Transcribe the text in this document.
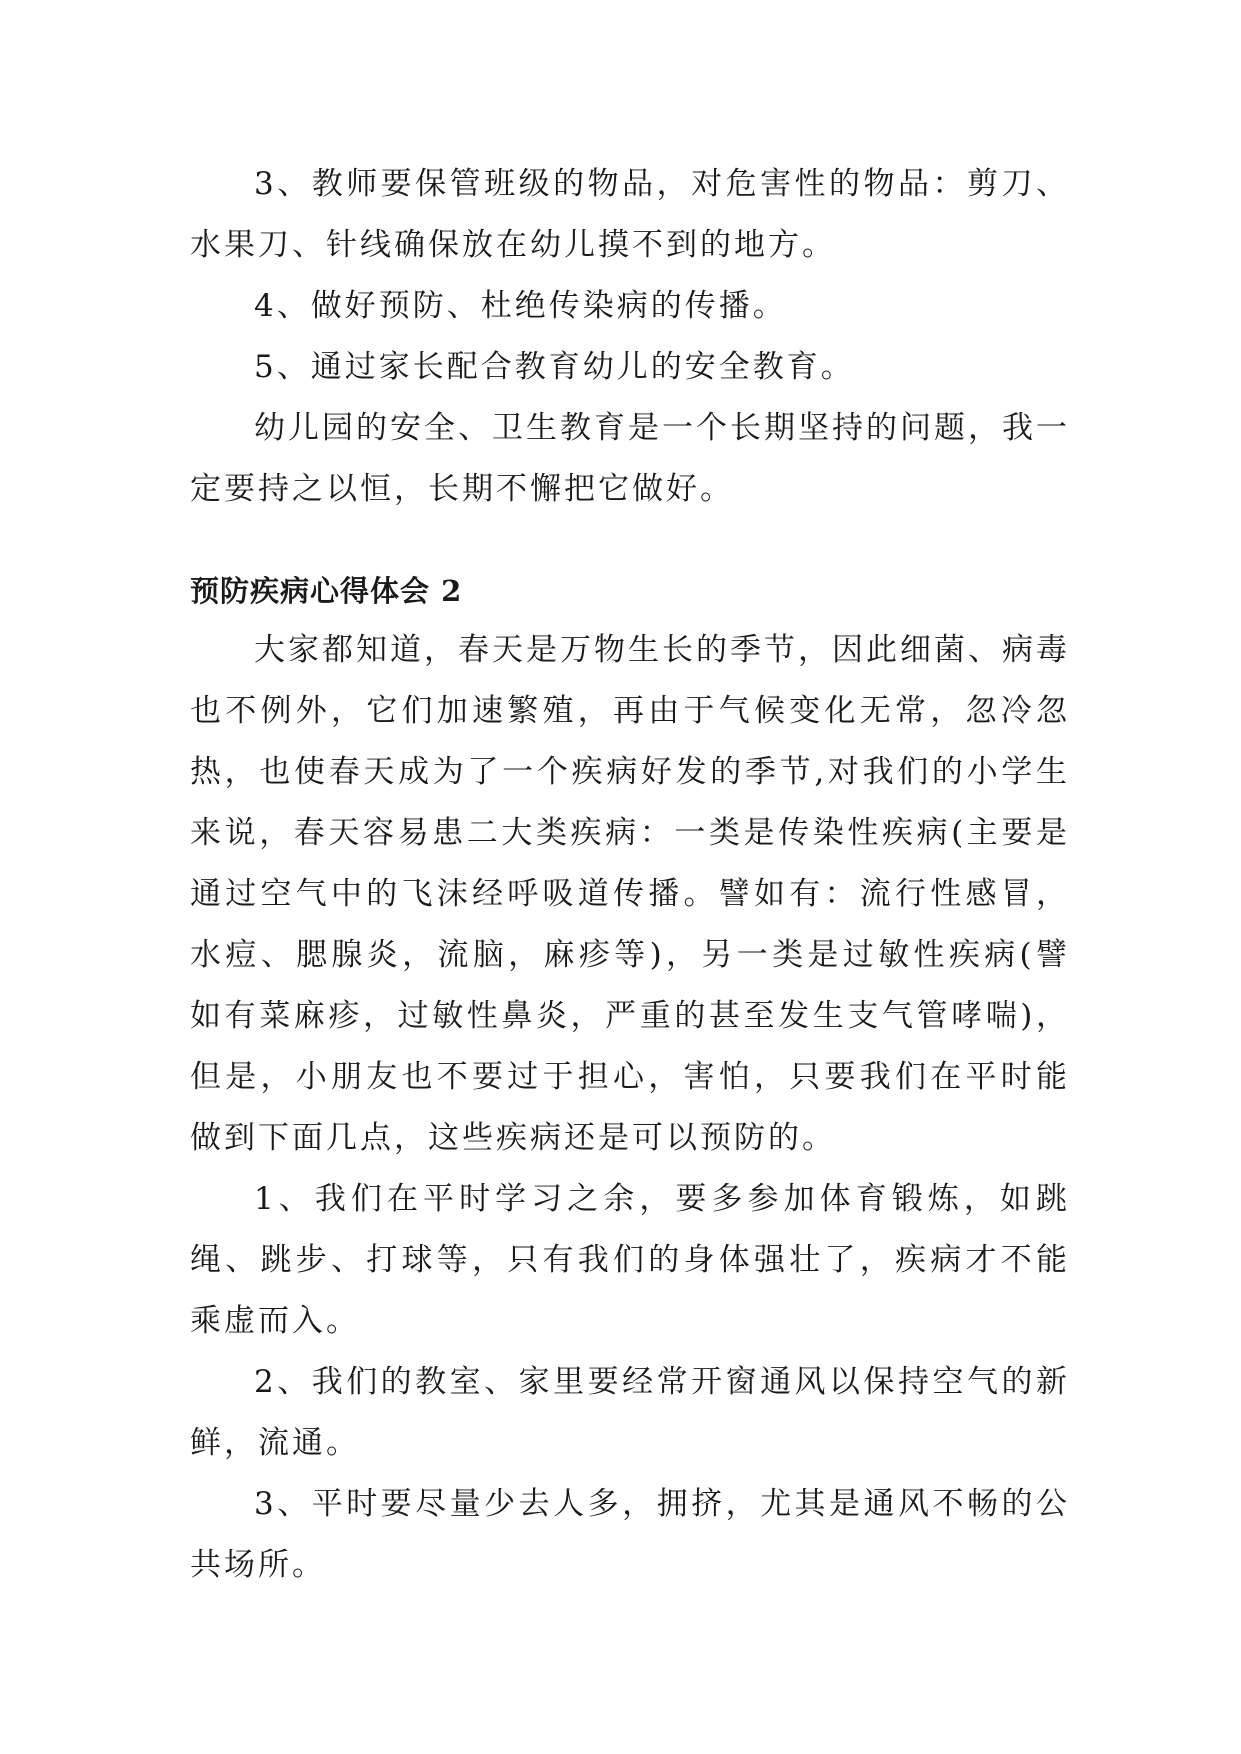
3、教师要保管班级的物品，对危害性的物品：剪刀、水果刀、针线确保放在幼儿摸不到的地方。

4、做好预防、杜绝传染病的传播。

5、通过家长配合教育幼儿的安全教育。

幼儿园的安全、卫生教育是一个长期坚持的问题，我一定要持之以恒，长期不懈把它做好。

预防疾病心得体会 2

大家都知道，春天是万物生长的季节，因此细菌、病毒也不例外，它们加速繁殖，再由于气候变化无常，忽冷忽热，也使春天成为了一个疾病好发的季节,对我们的小学生来说，春天容易患二大类疾病：一类是传染性疾病(主要是通过空气中的飞沫经呼吸道传播。譬如有：流行性感冒，水痘、腮腺炎，流脑，麻疹等)，另一类是过敏性疾病(譬如有菜麻疹，过敏性鼻炎，严重的甚至发生支气管哮喘)，但是，小朋友也不要过于担心，害怕，只要我们在平时能做到下面几点，这些疾病还是可以预防的。

1、我们在平时学习之余，要多参加体育锻炼，如跳绳、跳步、打球等，只有我们的身体强壮了，疾病才不能乘虚而入。

2、我们的教室、家里要经常开窗通风以保持空气的新鲜，流通。

3、平时要尽量少去人多，拥挤，尤其是通风不畅的公共场所。
